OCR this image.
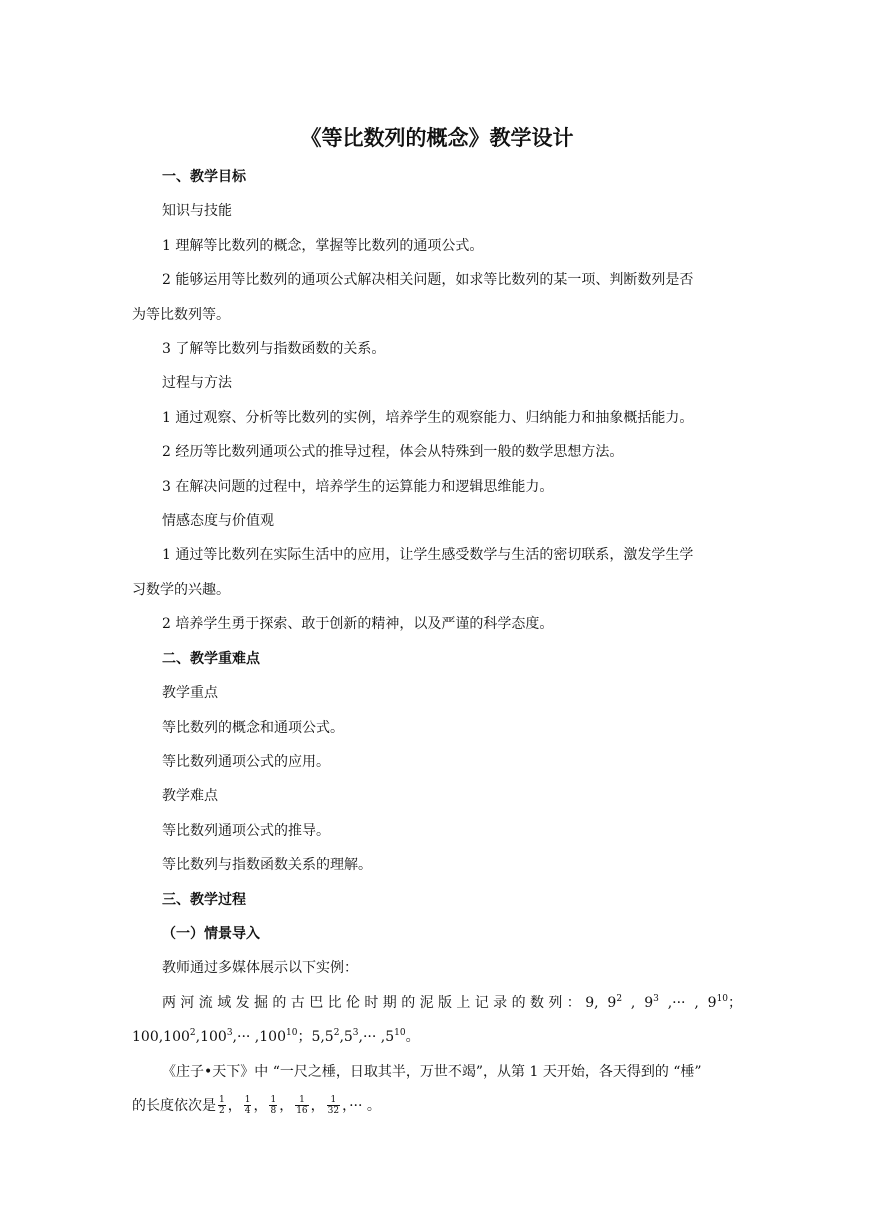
《等比数列的概念》教学设计

一、教学目标

知识与技能

1 理解等比数列的概念，掌握等比数列的通项公式。

2 能够运用等比数列的通项公式解决相关问题，如求等比数列的某一项、判断数列是否

为等比数列等。

3 了解等比数列与指数函数的关系。

过程与方法

1 通过观察、分析等比数列的实例，培养学生的观察能力、归纳能力和抽象概括能力。

2 经历等比数列通项公式的推导过程，体会从特殊到一般的数学思想方法。

3 在解决问题的过程中，培养学生的运算能力和逻辑思维能力。

情感态度与价值观

1 通过等比数列在实际生活中的应用，让学生感受数学与生活的密切联系，激发学生学

习数学的兴趣。

2 培养学生勇于探索、敢于创新的精神，以及严谨的科学态度。

二、教学重难点

教学重点

等比数列的概念和通项公式。

等比数列通项公式的应用。

教学难点

等比数列通项公式的推导。

等比数列与指数函数关系的理解。

三、教学过程

（一）情景导入

教师通过多媒体展示以下实例：

两河流域发掘的古巴比伦时期的泥版上记录的数列：9, $9^2$ , $9^3$ ,··· , $9^{10}$；

$100,100^2,100^3,\cdot\cdot\cdot ,100^{10}$；$5,5^2,5^3,\cdot\cdot\cdot ,5^{10}$。

《庄子•天下》中 “一尺之棰，日取其半，万世不竭”，从第 1 天开始，各天得到的 “棰”

的长度依次是 $\frac{1}{2}$ ， $\frac{1}{4}$ ， $\frac{1}{8}$ ， $\frac{1}{16}$ ， $\frac{1}{32}$ ，··· 。
